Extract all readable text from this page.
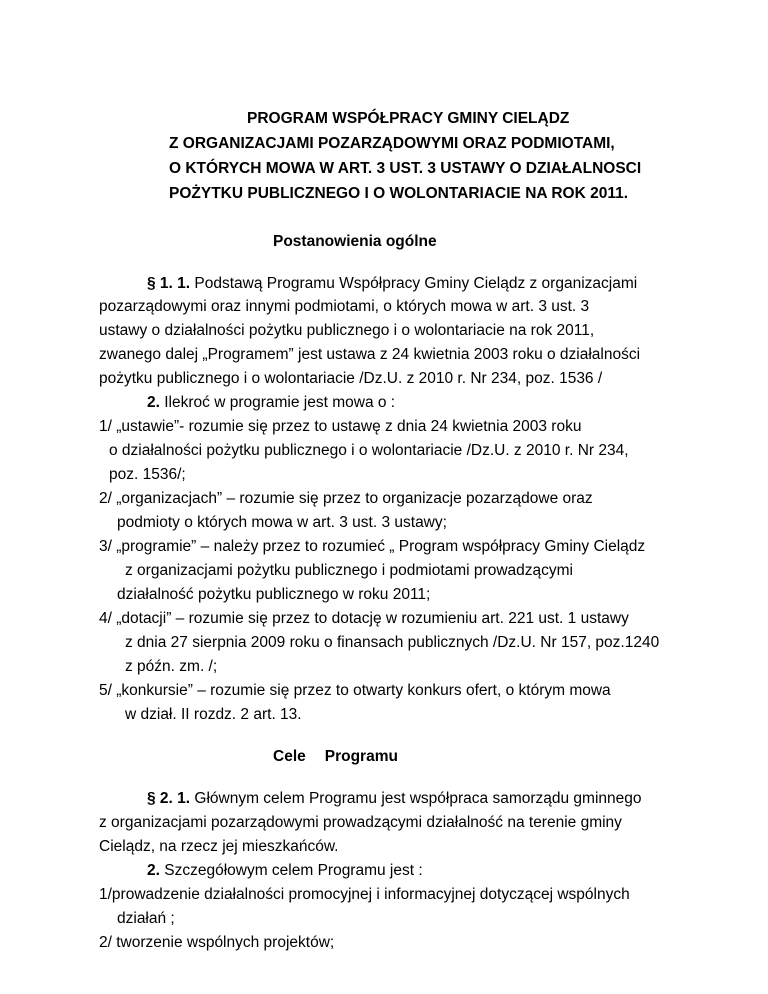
PROGRAM WSPÓŁPRACY GMINY CIELĄDZ
Z ORGANIZACJAMI POZARZĄDOWYMI ORAZ PODMIOTAMI,
O KTÓRYCH MOWA W ART. 3 UST. 3 USTAWY O DZIAŁALNOSCI
POŻYTKU PUBLICZNEGO I O WOLONTARIACIE NA ROK 2011.
Postanowienia ogólne
§ 1. 1. Podstawą Programu Współpracy Gminy Cielądz z organizacjami
pozarządowymi oraz innymi podmiotami, o których mowa w art. 3 ust. 3
ustawy o działalności pożytku publicznego i o wolontariacie na rok 2011,
zwanego dalej „Programem” jest ustawa z 24 kwietnia 2003 roku o działalności
pożytku publicznego i o wolontariacie /Dz.U. z 2010 r. Nr 234, poz. 1536 /
2. Ilekroć w programie jest mowa o :
1/ „ustawie”- rozumie się przez to ustawę z dnia 24 kwietnia 2003 roku
o działalności pożytku publicznego i o wolontariacie /Dz.U. z 2010 r. Nr 234,
poz. 1536/;
2/ „organizacjach” – rozumie się przez to organizacje pozarządowe oraz
podmioty o których mowa w art. 3 ust. 3 ustawy;
3/ „programie” – należy przez to rozumieć „ Program współpracy Gminy Cielądz
z organizacjami pożytku publicznego i podmiotami prowadzącymi
działalność pożytku publicznego w roku 2011;
4/ „dotacji” – rozumie się przez to dotację w rozumieniu art. 221 ust. 1 ustawy
z dnia 27 sierpnia 2009 roku o finansach publicznych /Dz.U. Nr 157, poz.1240
z późn. zm. /;
5/ „konkursie” – rozumie się przez to otwarty konkurs ofert, o którym mowa
w dział. II rozdz. 2 art. 13.
Cele Programu
§ 2. 1. Głównym celem Programu jest współpraca samorządu gminnego
z organizacjami pozarządowymi prowadzącymi działalność na terenie gminy
Cielądz, na rzecz jej mieszkańców.
2. Szczegółowym celem Programu jest :
1/prowadzenie działalności promocyjnej i informacyjnej dotyczącej wspólnych
działań ;
2/ tworzenie wspólnych projektów;
